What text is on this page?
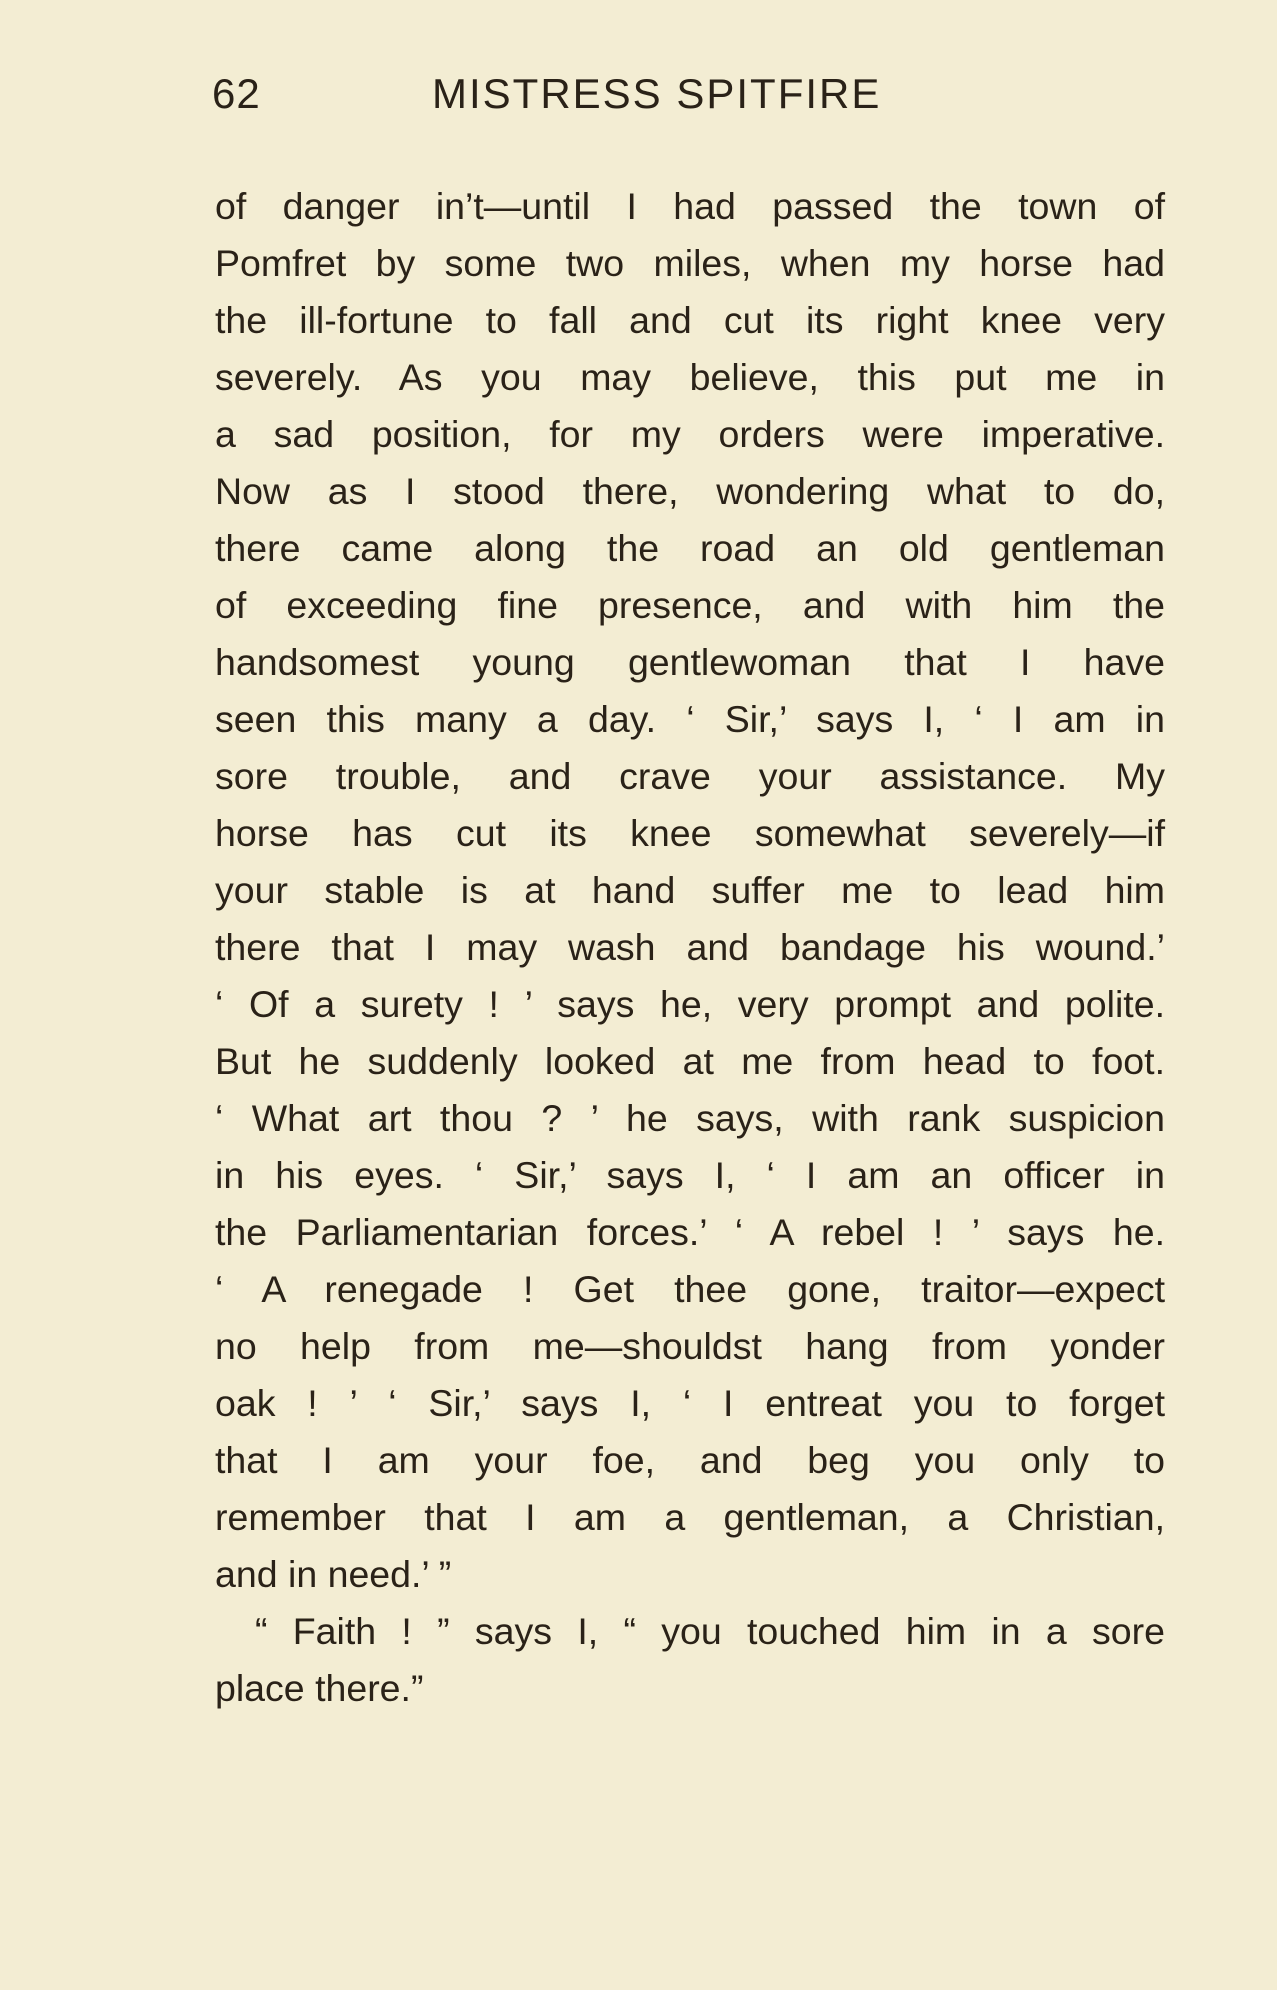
62	MISTRESS SPITFIRE
of danger in’t—until I had passed the town of
Pomfret by some two miles, when my horse had
the ill-fortune to fall and cut its right knee very
severely. As you may believe, this put me in
a sad position, for my orders were imperative.
Now as I stood there, wondering what to do,
there came along the road an old gentleman
of exceeding fine presence, and with him the
handsomest young gentlewoman that I have
seen this many a day. ‘ Sir,’ says I, ‘ I am in
sore trouble, and crave your assistance. My
horse has cut its knee somewhat severely—if
your stable is at hand suffer me to lead him
there that I may wash and bandage his wound.’
‘ Of a surety ! ’ says he, very prompt and polite.
But he suddenly looked at me from head to foot.
‘ What art thou ? ’ he says, with rank suspicion
in his eyes. ‘ Sir,’ says I, ‘ I am an officer in
the Parliamentarian forces.’ ‘ A rebel ! ’ says he.
‘ A renegade ! Get thee gone, traitor—expect
no help from me—shouldst hang from yonder
oak ! ’ ‘ Sir,’ says I, ‘ I entreat you to forget
that I am your foe, and beg you only to
remember that I am a gentleman, a Christian,
and in need.’ ”
“ Faith ! ” says I, “ you touched him in a sore
place there.”
